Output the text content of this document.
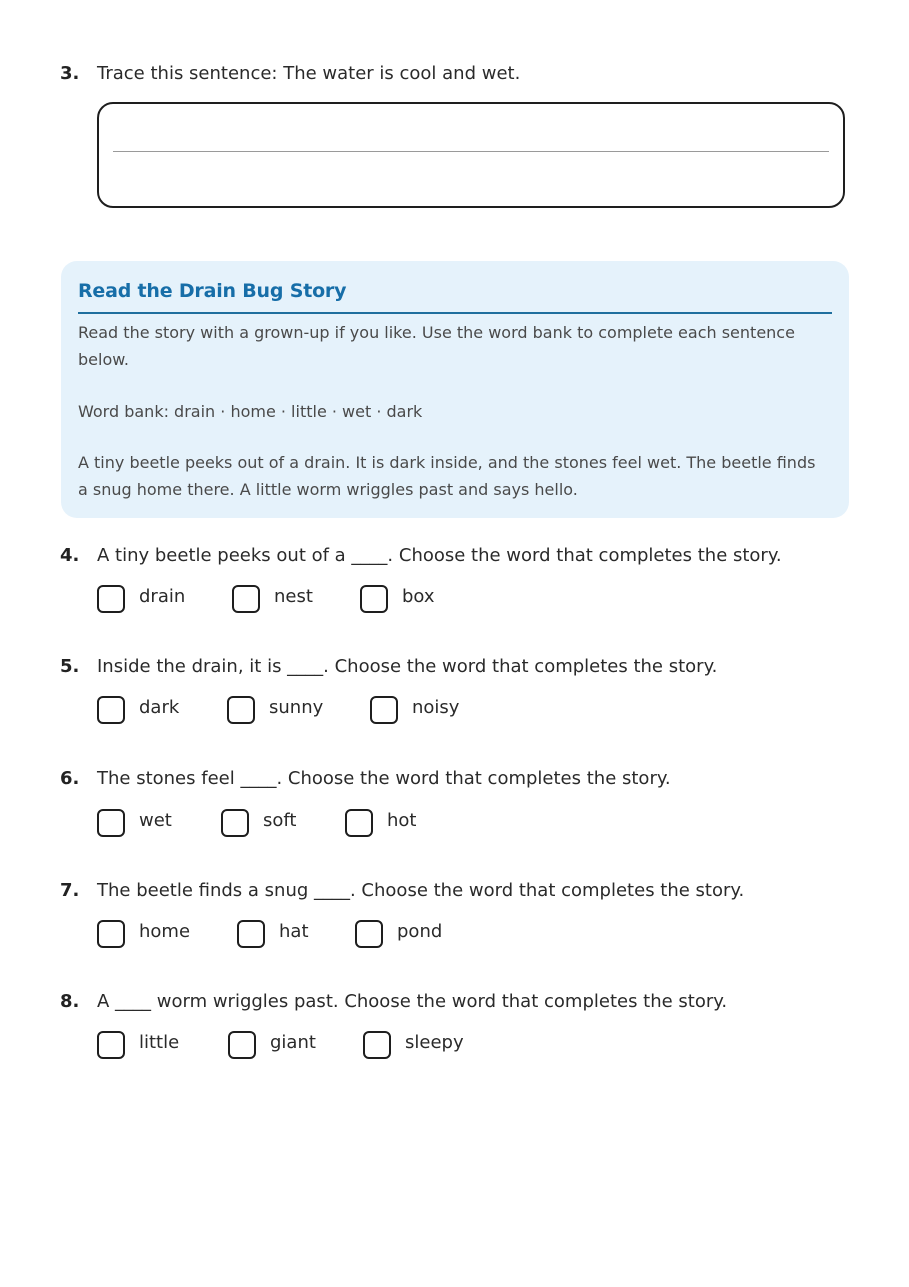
3. Trace this sentence: The water is cool and wet.
Read the Drain Bug Story
Read the story with a grown-up if you like. Use the word bank to complete each sentence below.
Word bank: drain · home · little · wet · dark
A tiny beetle peeks out of a drain. It is dark inside, and the stones feel wet. The beetle finds a snug home there. A little worm wriggles past and says hello.
4. A tiny beetle peeks out of a ____. Choose the word that completes the story.
drain	nest	box
5. Inside the drain, it is ____. Choose the word that completes the story.
dark	sunny	noisy
6. The stones feel ____. Choose the word that completes the story.
wet	soft	hot
7. The beetle finds a snug ____. Choose the word that completes the story.
home	hat	pond
8. A ____ worm wriggles past. Choose the word that completes the story.
little	giant	sleepy
